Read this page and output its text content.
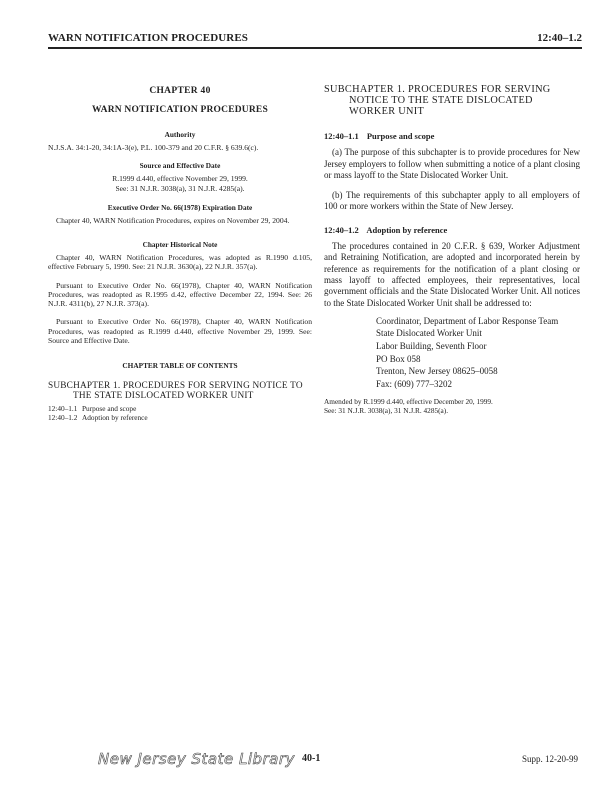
WARN NOTIFICATION PROCEDURES	12:40–1.2
CHAPTER 40
WARN NOTIFICATION PROCEDURES
Authority
N.J.S.A. 34:1-20, 34:1A-3(e), P.L. 100-379 and 20 C.F.R. § 639.6(c).
Source and Effective Date
R.1999 d.440, effective November 29, 1999.
See: 31 N.J.R. 3038(a), 31 N.J.R. 4285(a).
Executive Order No. 66(1978) Expiration Date
Chapter 40, WARN Notification Procedures, expires on November 29, 2004.
Chapter Historical Note
Chapter 40, WARN Notification Procedures, was adopted as R.1990 d.105, effective February 5, 1990. See: 21 N.J.R. 3630(a), 22 N.J.R. 357(a).
Pursuant to Executive Order No. 66(1978), Chapter 40, WARN Notification Procedures, was readopted as R.1995 d.42, effective December 22, 1994. See: 26 N.J.R. 4311(b), 27 N.J.R. 373(a).
Pursuant to Executive Order No. 66(1978), Chapter 40, WARN Notification Procedures, was readopted as R.1999 d.440, effective November 29, 1999. See: Source and Effective Date.
CHAPTER TABLE OF CONTENTS
SUBCHAPTER 1. PROCEDURES FOR SERVING NOTICE TO THE STATE DISLOCATED WORKER UNIT
12:40–1.1 Purpose and scope
12:40–1.2 Adoption by reference
SUBCHAPTER 1. PROCEDURES FOR SERVING NOTICE TO THE STATE DISLOCATED WORKER UNIT
12:40–1.1 Purpose and scope
(a) The purpose of this subchapter is to provide procedures for New Jersey employers to follow when submitting a notice of a plant closing or mass layoff to the State Dislocated Worker Unit.
(b) The requirements of this subchapter apply to all employers of 100 or more workers within the State of New Jersey.
12:40–1.2 Adoption by reference
The procedures contained in 20 C.F.R. § 639, Worker Adjustment and Retraining Notification, are adopted and incorporated herein by reference as requirements for the notification of a plant closing or mass layoff to affected employees, their representatives, local government officials and the State Dislocated Worker Unit. All notices to the State Dislocated Worker Unit shall be addressed to:
Coordinator, Department of Labor Response Team
State Dislocated Worker Unit
Labor Building, Seventh Floor
PO Box 058
Trenton, New Jersey 08625–0058
Fax: (609) 777–3202
Amended by R.1999 d.440, effective December 20, 1999.
See: 31 N.J.R. 3038(a), 31 N.J.R. 4285(a).
New Jersey State Library 40-1	Supp. 12-20-99
